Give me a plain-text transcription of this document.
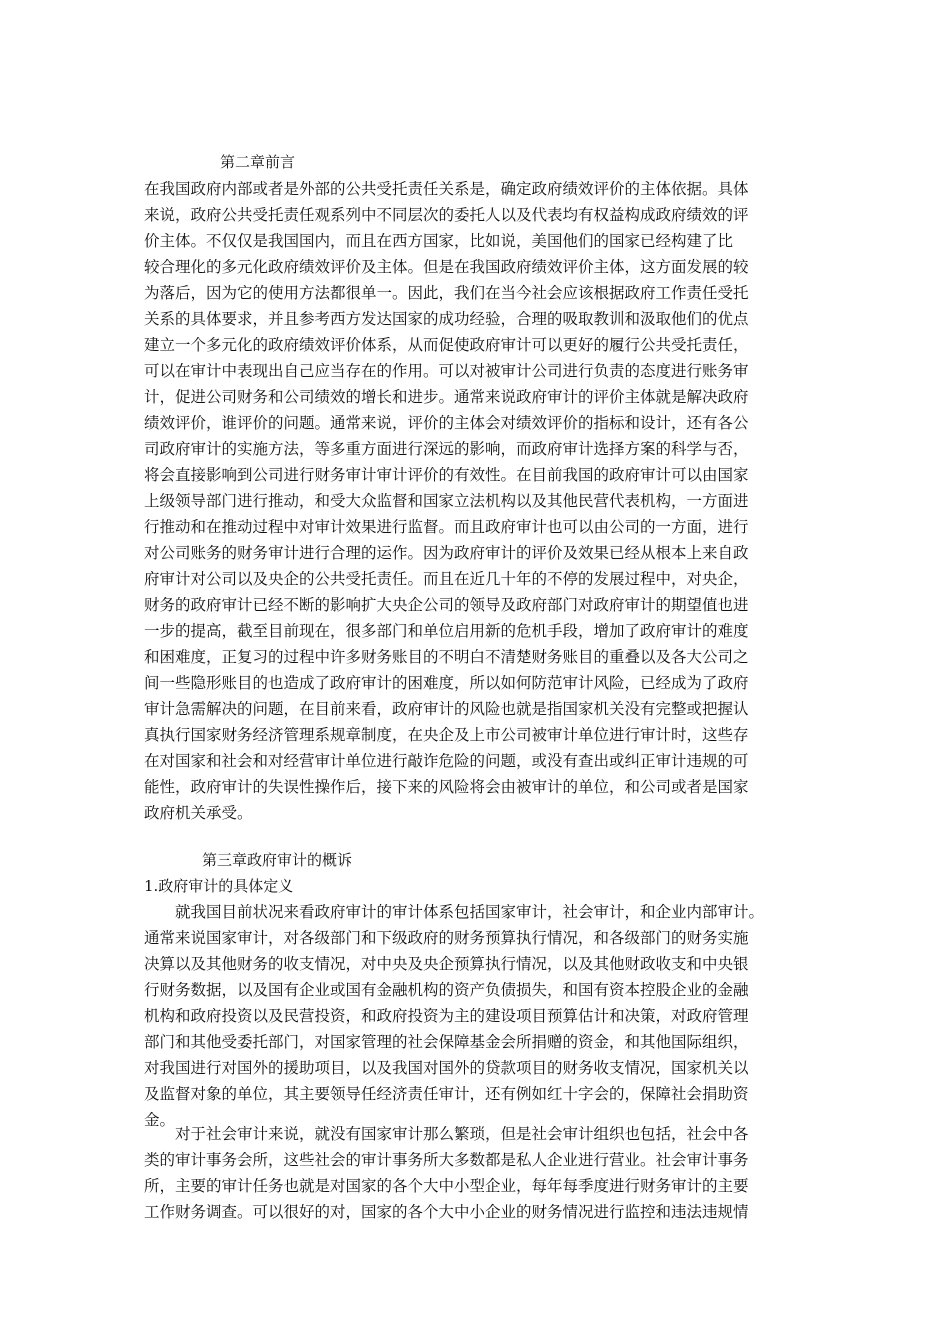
第二章前言
在我国政府内部或者是外部的公共受托责任关系是，确定政府绩效评价的主体依据。具体
来说，政府公共受托责任观系列中不同层次的委托人以及代表均有权益构成政府绩效的评
价主体。不仅仅是我国国内，而且在西方国家，比如说，美国他们的国家已经构建了比
较合理化的多元化政府绩效评价及主体。但是在我国政府绩效评价主体，这方面发展的较
为落后，因为它的使用方法都很单一。因此，我们在当今社会应该根据政府工作责任受托
关系的具体要求，并且参考西方发达国家的成功经验，合理的吸取教训和汲取他们的优点
建立一个多元化的政府绩效评价体系，从而促使政府审计可以更好的履行公共受托责任，
可以在审计中表现出自己应当存在的作用。可以对被审计公司进行负责的态度进行账务审
计，促进公司财务和公司绩效的增长和进步。通常来说政府审计的评价主体就是解决政府
绩效评价，谁评价的问题。通常来说，评价的主体会对绩效评价的指标和设计，还有各公
司政府审计的实施方法，等多重方面进行深远的影响，而政府审计选择方案的科学与否，
将会直接影响到公司进行财务审计审计评价的有效性。在目前我国的政府审计可以由国家
上级领导部门进行推动，和受大众监督和国家立法机构以及其他民营代表机构，一方面进
行推动和在推动过程中对审计效果进行监督。而且政府审计也可以由公司的一方面，进行
对公司账务的财务审计进行合理的运作。因为政府审计的评价及效果已经从根本上来自政
府审计对公司以及央企的公共受托责任。而且在近几十年的不停的发展过程中，对央企，
财务的政府审计已经不断的影响扩大央企公司的领导及政府部门对政府审计的期望值也进
一步的提高，截至目前现在，很多部门和单位启用新的危机手段，增加了政府审计的难度
和困难度，正复习的过程中许多财务账目的不明白不清楚财务账目的重叠以及各大公司之
间一些隐形账目的也造成了政府审计的困难度，所以如何防范审计风险，已经成为了政府
审计急需解决的问题，在目前来看，政府审计的风险也就是指国家机关没有完整或把握认
真执行国家财务经济管理系规章制度，在央企及上市公司被审计单位进行审计时，这些存
在对国家和社会和对经营审计单位进行敲诈危险的问题，或没有查出或纠正审计违规的可
能性，政府审计的失误性操作后，接下来的风险将会由被审计的单位，和公司或者是国家
政府机关承受。
第三章政府审计的概诉
1.政府审计的具体定义
　　就我国目前状况来看政府审计的审计体系包括国家审计，社会审计，和企业内部审计。
通常来说国家审计，对各级部门和下级政府的财务预算执行情况，和各级部门的财务实施
决算以及其他财务的收支情况，对中央及央企预算执行情况，以及其他财政收支和中央银
行财务数据，以及国有企业或国有金融机构的资产负债损失，和国有资本控股企业的金融
机构和政府投资以及民营投资，和政府投资为主的建设项目预算估计和决策，对政府管理
部门和其他受委托部门，对国家管理的社会保障基金会所捐赠的资金，和其他国际组织，
对我国进行对国外的援助项目，以及我国对国外的贷款项目的财务收支情况，国家机关以
及监督对象的单位，其主要领导任经济责任审计，还有例如红十字会的，保障社会捐助资
金。
　　对于社会审计来说，就没有国家审计那么繁琐，但是社会审计组织也包括，社会中各
类的审计事务会所，这些社会的审计事务所大多数都是私人企业进行营业。社会审计事务
所，主要的审计任务也就是对国家的各个大中小型企业，每年每季度进行财务审计的主要
工作财务调查。可以很好的对，国家的各个大中小企业的财务情况进行监控和违法违规情
